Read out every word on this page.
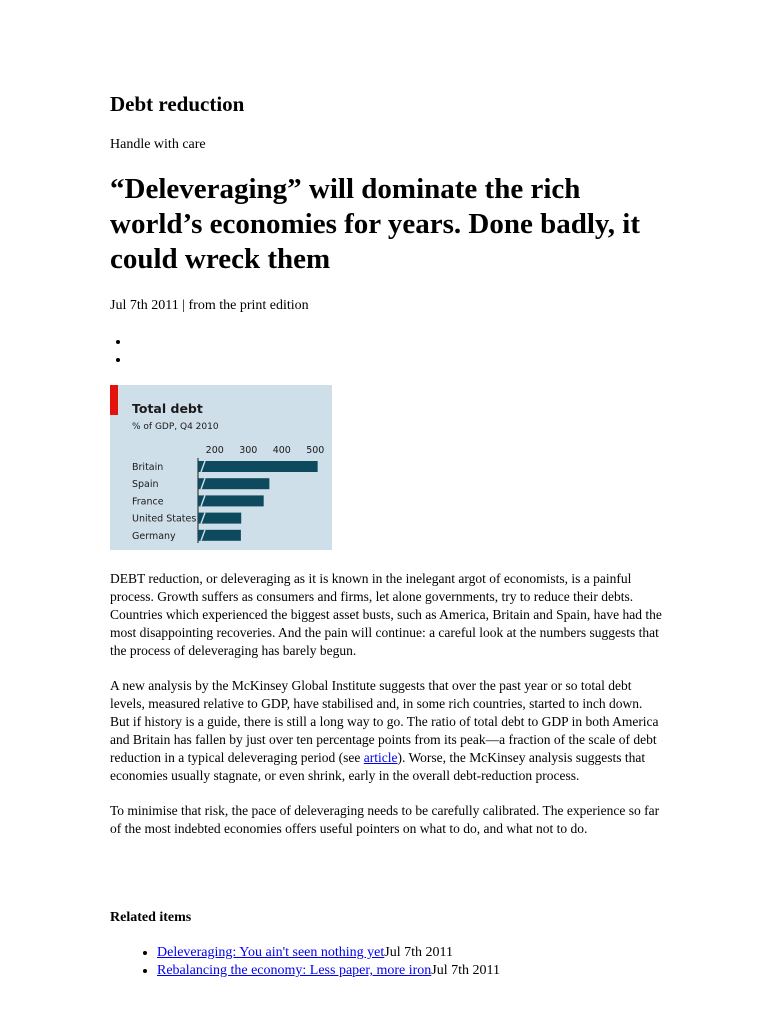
Debt reduction
Handle with care
“Deleveraging” will dominate the rich world’s economies for years. Done badly, it could wreck them
Jul 7th 2011 | from the print edition
Total debt
% of GDP, Q4 2010
200 300 400 500
Britain
Spain
France
United States
Germany

DEBT reduction, or deleveraging as it is known in the inelegant argot of economists, is a painful process. Growth suffers as consumers and firms, let alone governments, try to reduce their debts. Countries which experienced the biggest asset busts, such as America, Britain and Spain, have had the most disappointing recoveries. And the pain will continue: a careful look at the numbers suggests that the process of deleveraging has barely begun.

A new analysis by the McKinsey Global Institute suggests that over the past year or so total debt levels, measured relative to GDP, have stabilised and, in some rich countries, started to inch down. But if history is a guide, there is still a long way to go. The ratio of total debt to GDP in both America and Britain has fallen by just over ten percentage points from its peak—a fraction of the scale of debt reduction in a typical deleveraging period (see article). Worse, the McKinsey analysis suggests that economies usually stagnate, or even shrink, early in the overall debt-reduction process.

To minimise that risk, the pace of deleveraging needs to be carefully calibrated. The experience so far of the most indebted economies offers useful pointers on what to do, and what not to do.

Related items
• Deleveraging: You ain't seen nothing yetJul 7th 2011
• Rebalancing the economy: Less paper, more ironJul 7th 2011
